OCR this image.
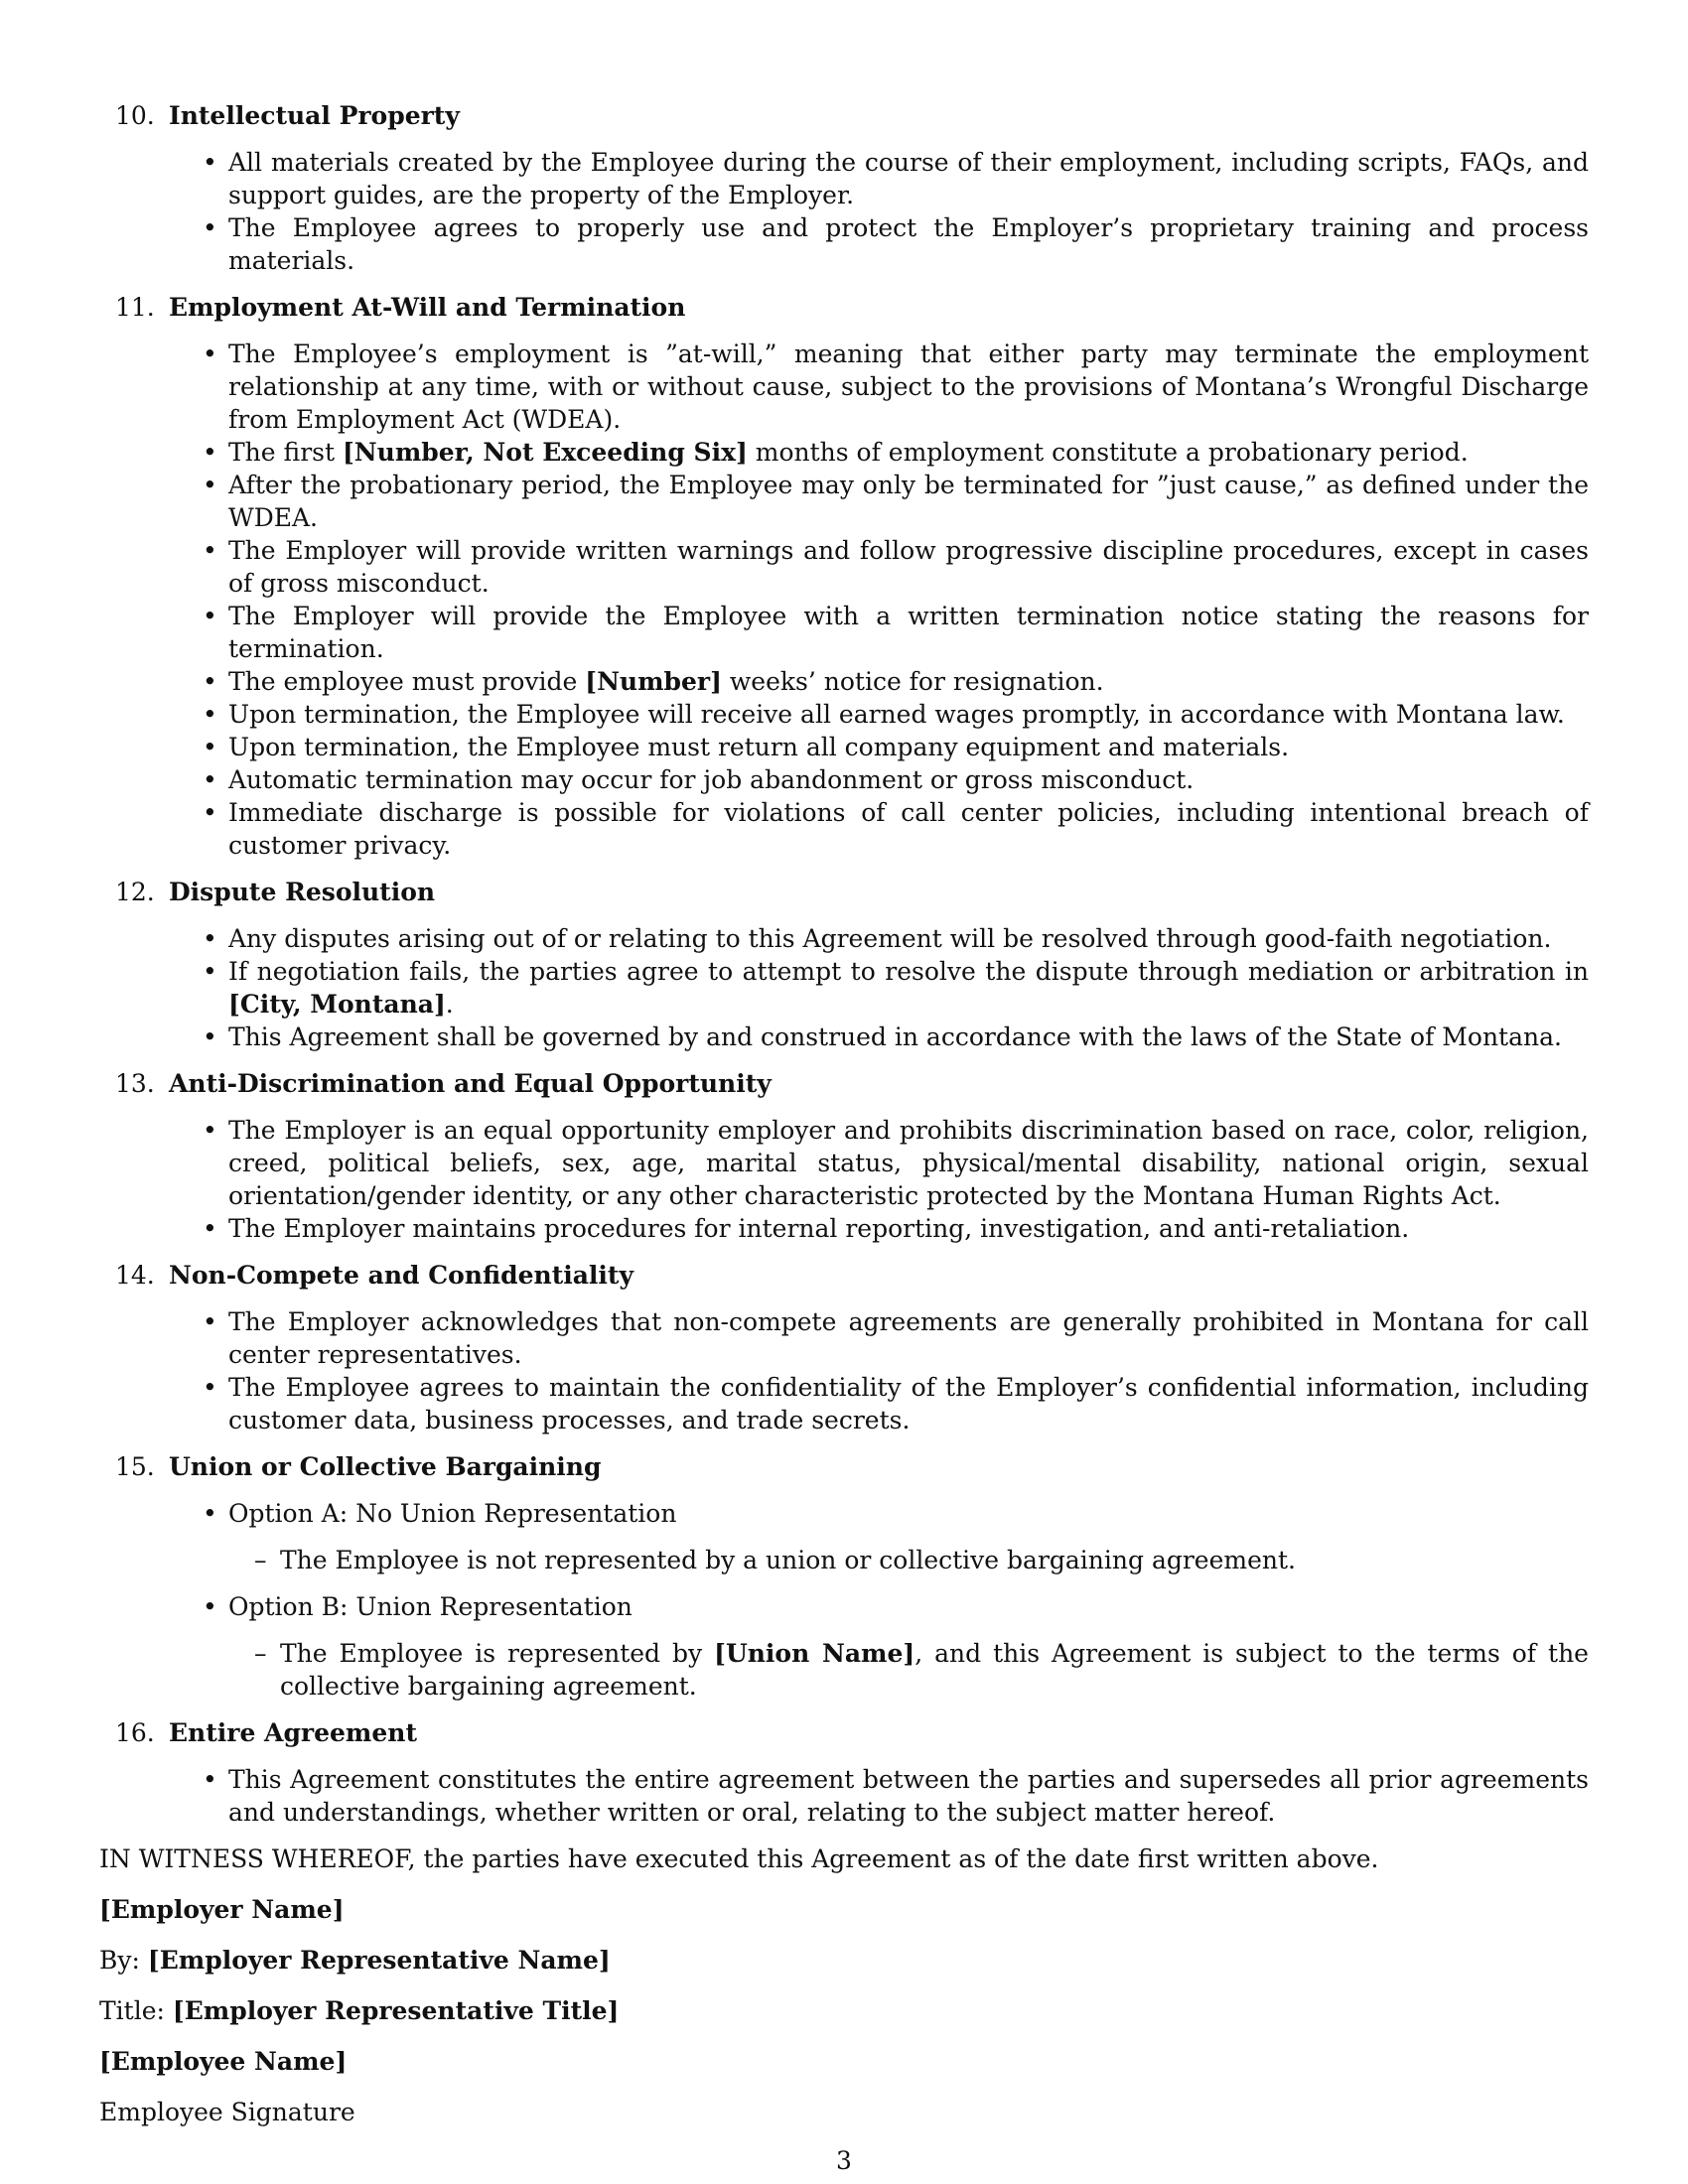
10. Intellectual Property
• All materials created by the Employee during the course of their employment, including scripts, FAQs, and support guides, are the property of the Employer.
• The Employee agrees to properly use and protect the Employer’s proprietary training and process materials.
11. Employment At-Will and Termination
• The Employee’s employment is ”at-will,” meaning that either party may terminate the employment relationship at any time, with or without cause, subject to the provisions of Montana’s Wrongful Discharge from Employment Act (WDEA).
• The first [Number, Not Exceeding Six] months of employment constitute a probationary period.
• After the probationary period, the Employee may only be terminated for ”just cause,” as defined under the WDEA.
• The Employer will provide written warnings and follow progressive discipline procedures, except in cases of gross misconduct.
• The Employer will provide the Employee with a written termination notice stating the reasons for termination.
• The employee must provide [Number] weeks’ notice for resignation.
• Upon termination, the Employee will receive all earned wages promptly, in accordance with Montana law.
• Upon termination, the Employee must return all company equipment and materials.
• Automatic termination may occur for job abandonment or gross misconduct.
• Immediate discharge is possible for violations of call center policies, including intentional breach of customer privacy.
12. Dispute Resolution
• Any disputes arising out of or relating to this Agreement will be resolved through good-faith negotiation.
• If negotiation fails, the parties agree to attempt to resolve the dispute through mediation or arbitration in [City, Montana].
• This Agreement shall be governed by and construed in accordance with the laws of the State of Montana.
13. Anti-Discrimination and Equal Opportunity
• The Employer is an equal opportunity employer and prohibits discrimination based on race, color, religion, creed, political beliefs, sex, age, marital status, physical/mental disability, national origin, sexual orientation/gender identity, or any other characteristic protected by the Montana Human Rights Act.
• The Employer maintains procedures for internal reporting, investigation, and anti-retaliation.
14. Non-Compete and Confidentiality
• The Employer acknowledges that non-compete agreements are generally prohibited in Montana for call center representatives.
• The Employee agrees to maintain the confidentiality of the Employer’s confidential information, including customer data, business processes, and trade secrets.
15. Union or Collective Bargaining
• Option A: No Union Representation
– The Employee is not represented by a union or collective bargaining agreement.
• Option B: Union Representation
– The Employee is represented by [Union Name], and this Agreement is subject to the terms of the collective bargaining agreement.
16. Entire Agreement
• This Agreement constitutes the entire agreement between the parties and supersedes all prior agreements and understandings, whether written or oral, relating to the subject matter hereof.

IN WITNESS WHEREOF, the parties have executed this Agreement as of the date first written above.

[Employer Name]

By: [Employer Representative Name]

Title: [Employer Representative Title]

[Employee Name]

Employee Signature

3
